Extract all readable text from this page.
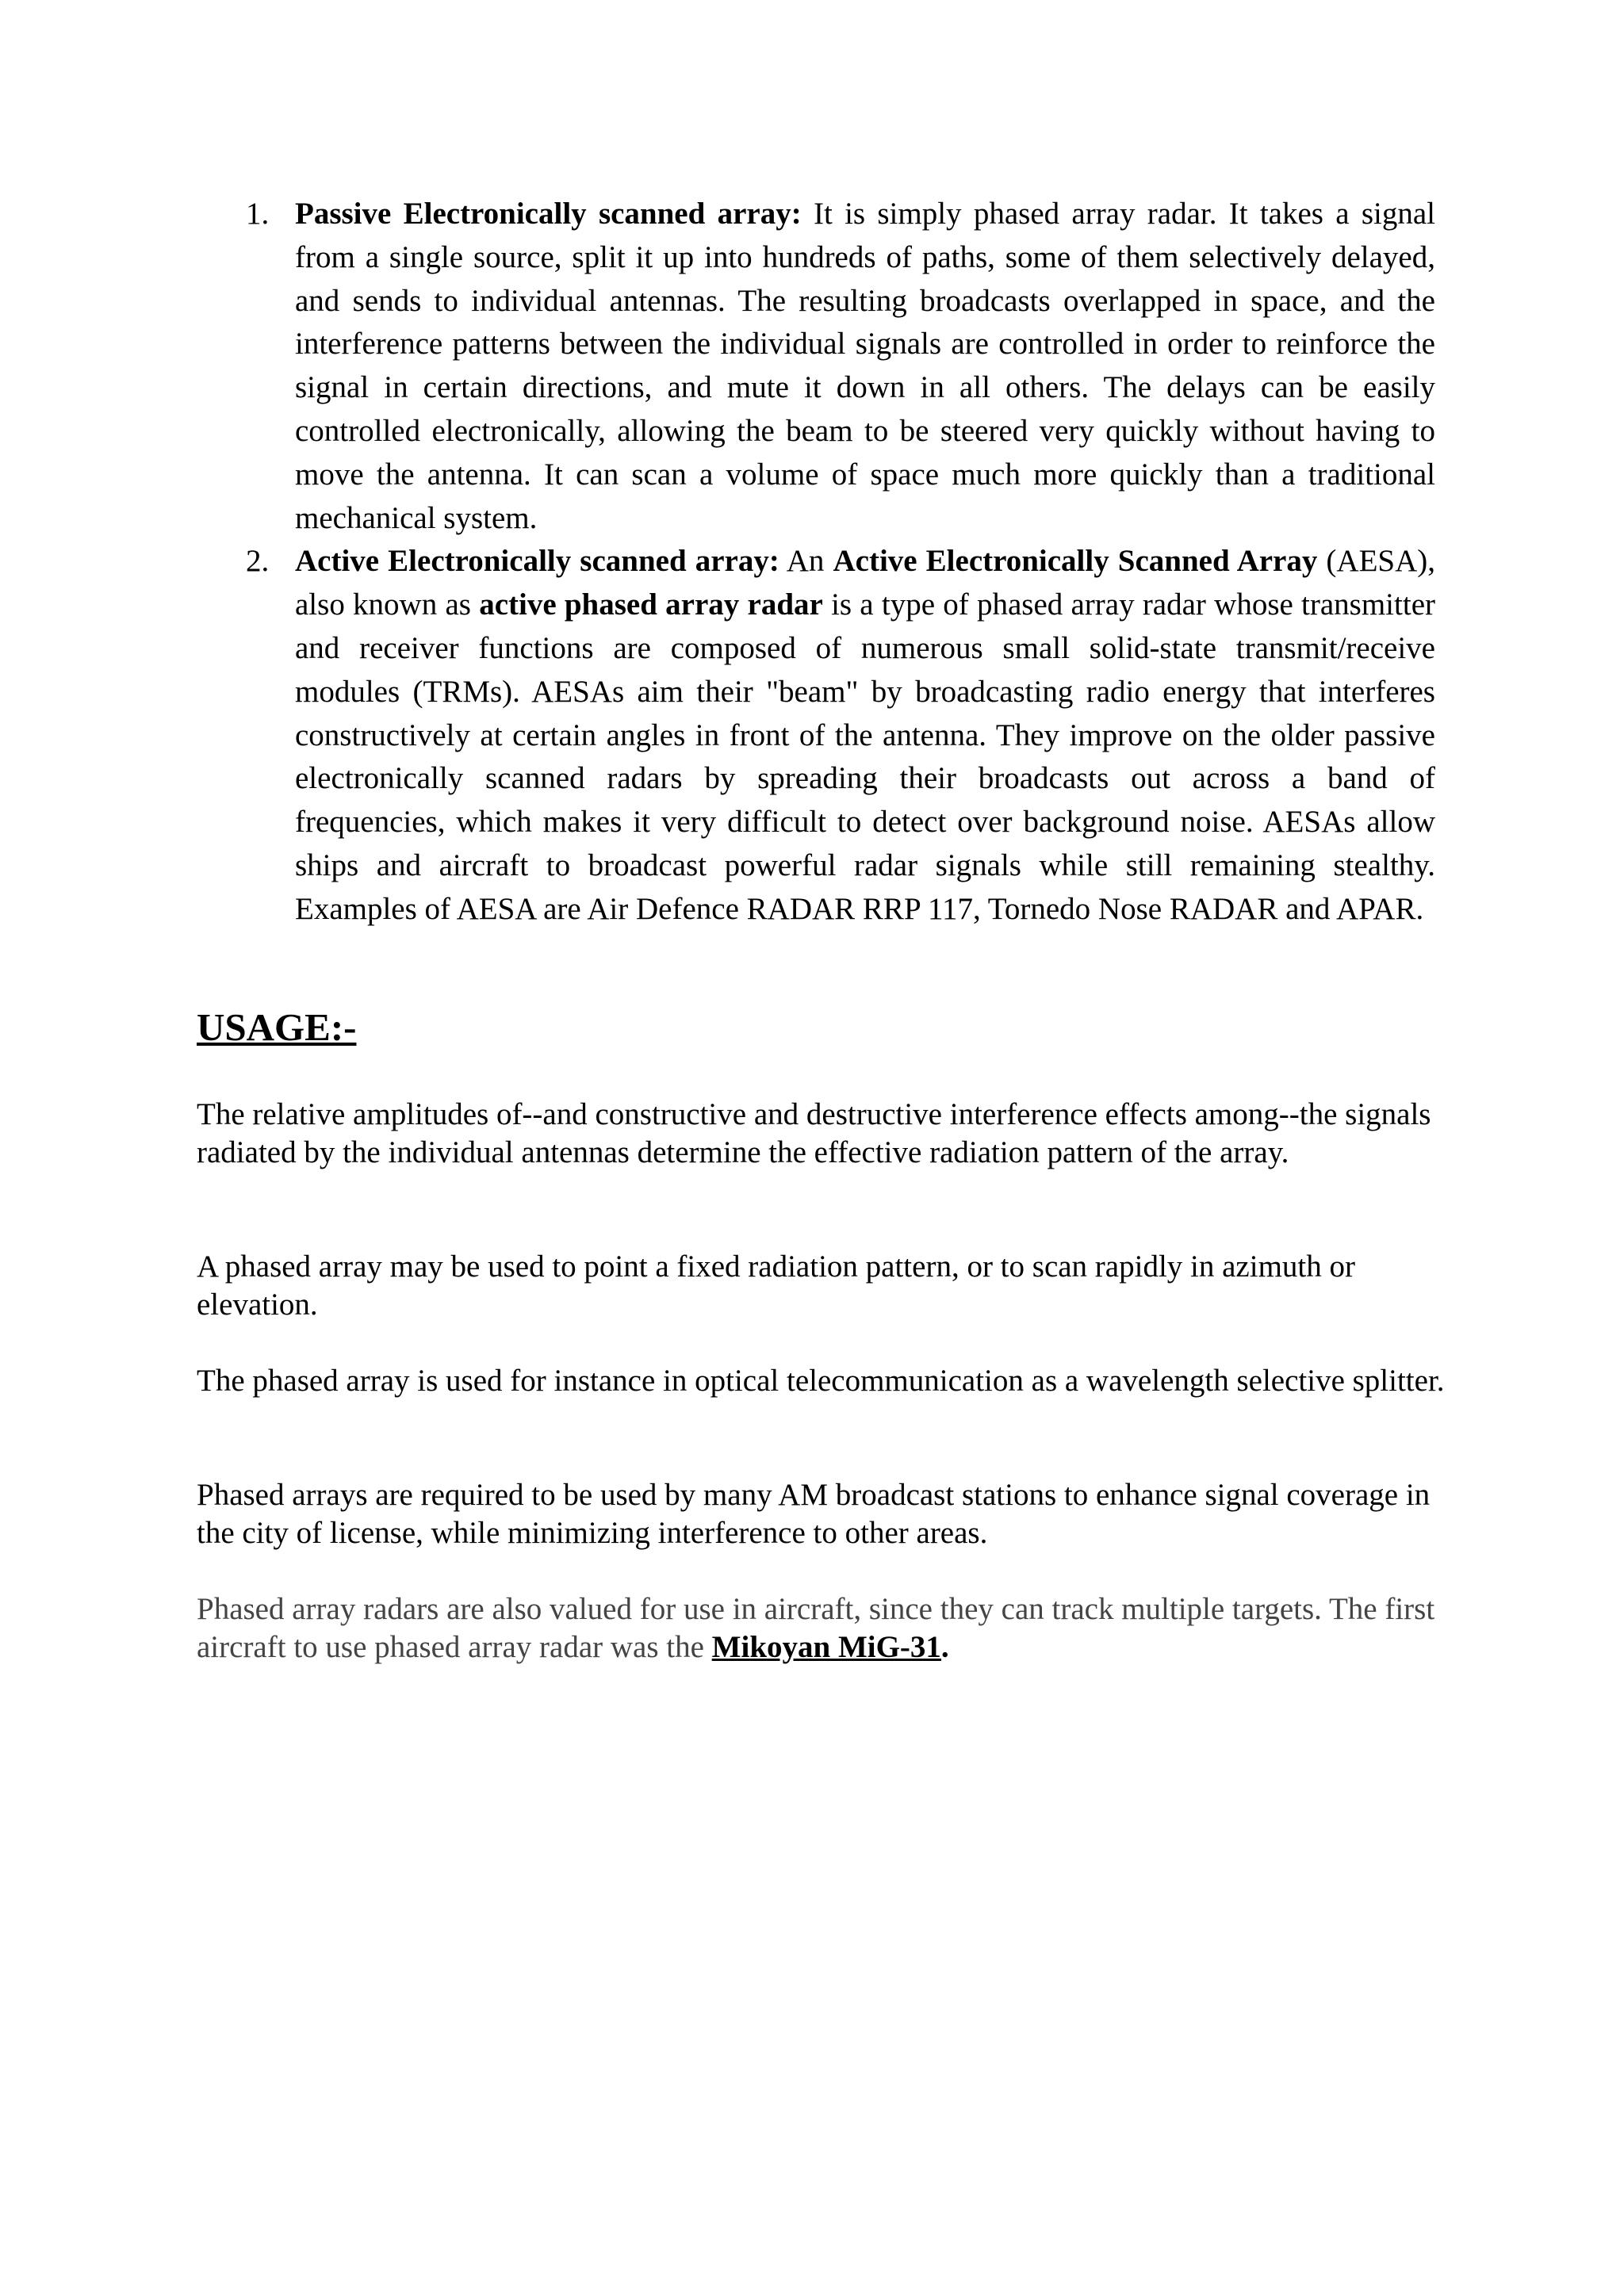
1. Passive Electronically scanned array: It is simply phased array radar. It takes a signal from a single source, split it up into hundreds of paths, some of them selectively delayed, and sends to individual antennas. The resulting broadcasts overlapped in space, and the interference patterns between the individual signals are controlled in order to reinforce the signal in certain directions, and mute it down in all others. The delays can be easily controlled electronically, allowing the beam to be steered very quickly without having to move the antenna. It can scan a volume of space much more quickly than a traditional mechanical system.
2. Active Electronically scanned array: An Active Electronically Scanned Array (AESA), also known as active phased array radar is a type of phased array radar whose transmitter and receiver functions are composed of numerous small solid-state transmit/receive modules (TRMs). AESAs aim their "beam" by broadcasting radio energy that interferes constructively at certain angles in front of the antenna. They improve on the older passive electronically scanned radars by spreading their broadcasts out across a band of frequencies, which makes it very difficult to detect over background noise. AESAs allow ships and aircraft to broadcast powerful radar signals while still remaining stealthy. Examples of AESA are Air Defence RADAR RRP 117, Tornedo Nose RADAR and APAR.
USAGE:-

The relative amplitudes of--and constructive and destructive interference effects among--the signals radiated by the individual antennas determine the effective radiation pattern of the array.

A phased array may be used to point a fixed radiation pattern, or to scan rapidly in azimuth or elevation.

The phased array is used for instance in optical telecommunication as a wavelength selective splitter.

Phased arrays are required to be used by many AM broadcast stations to enhance signal coverage in the city of license, while minimizing interference to other areas.

Phased array radars are also valued for use in aircraft, since they can track multiple targets. The first aircraft to use phased array radar was the Mikoyan MiG-31.
